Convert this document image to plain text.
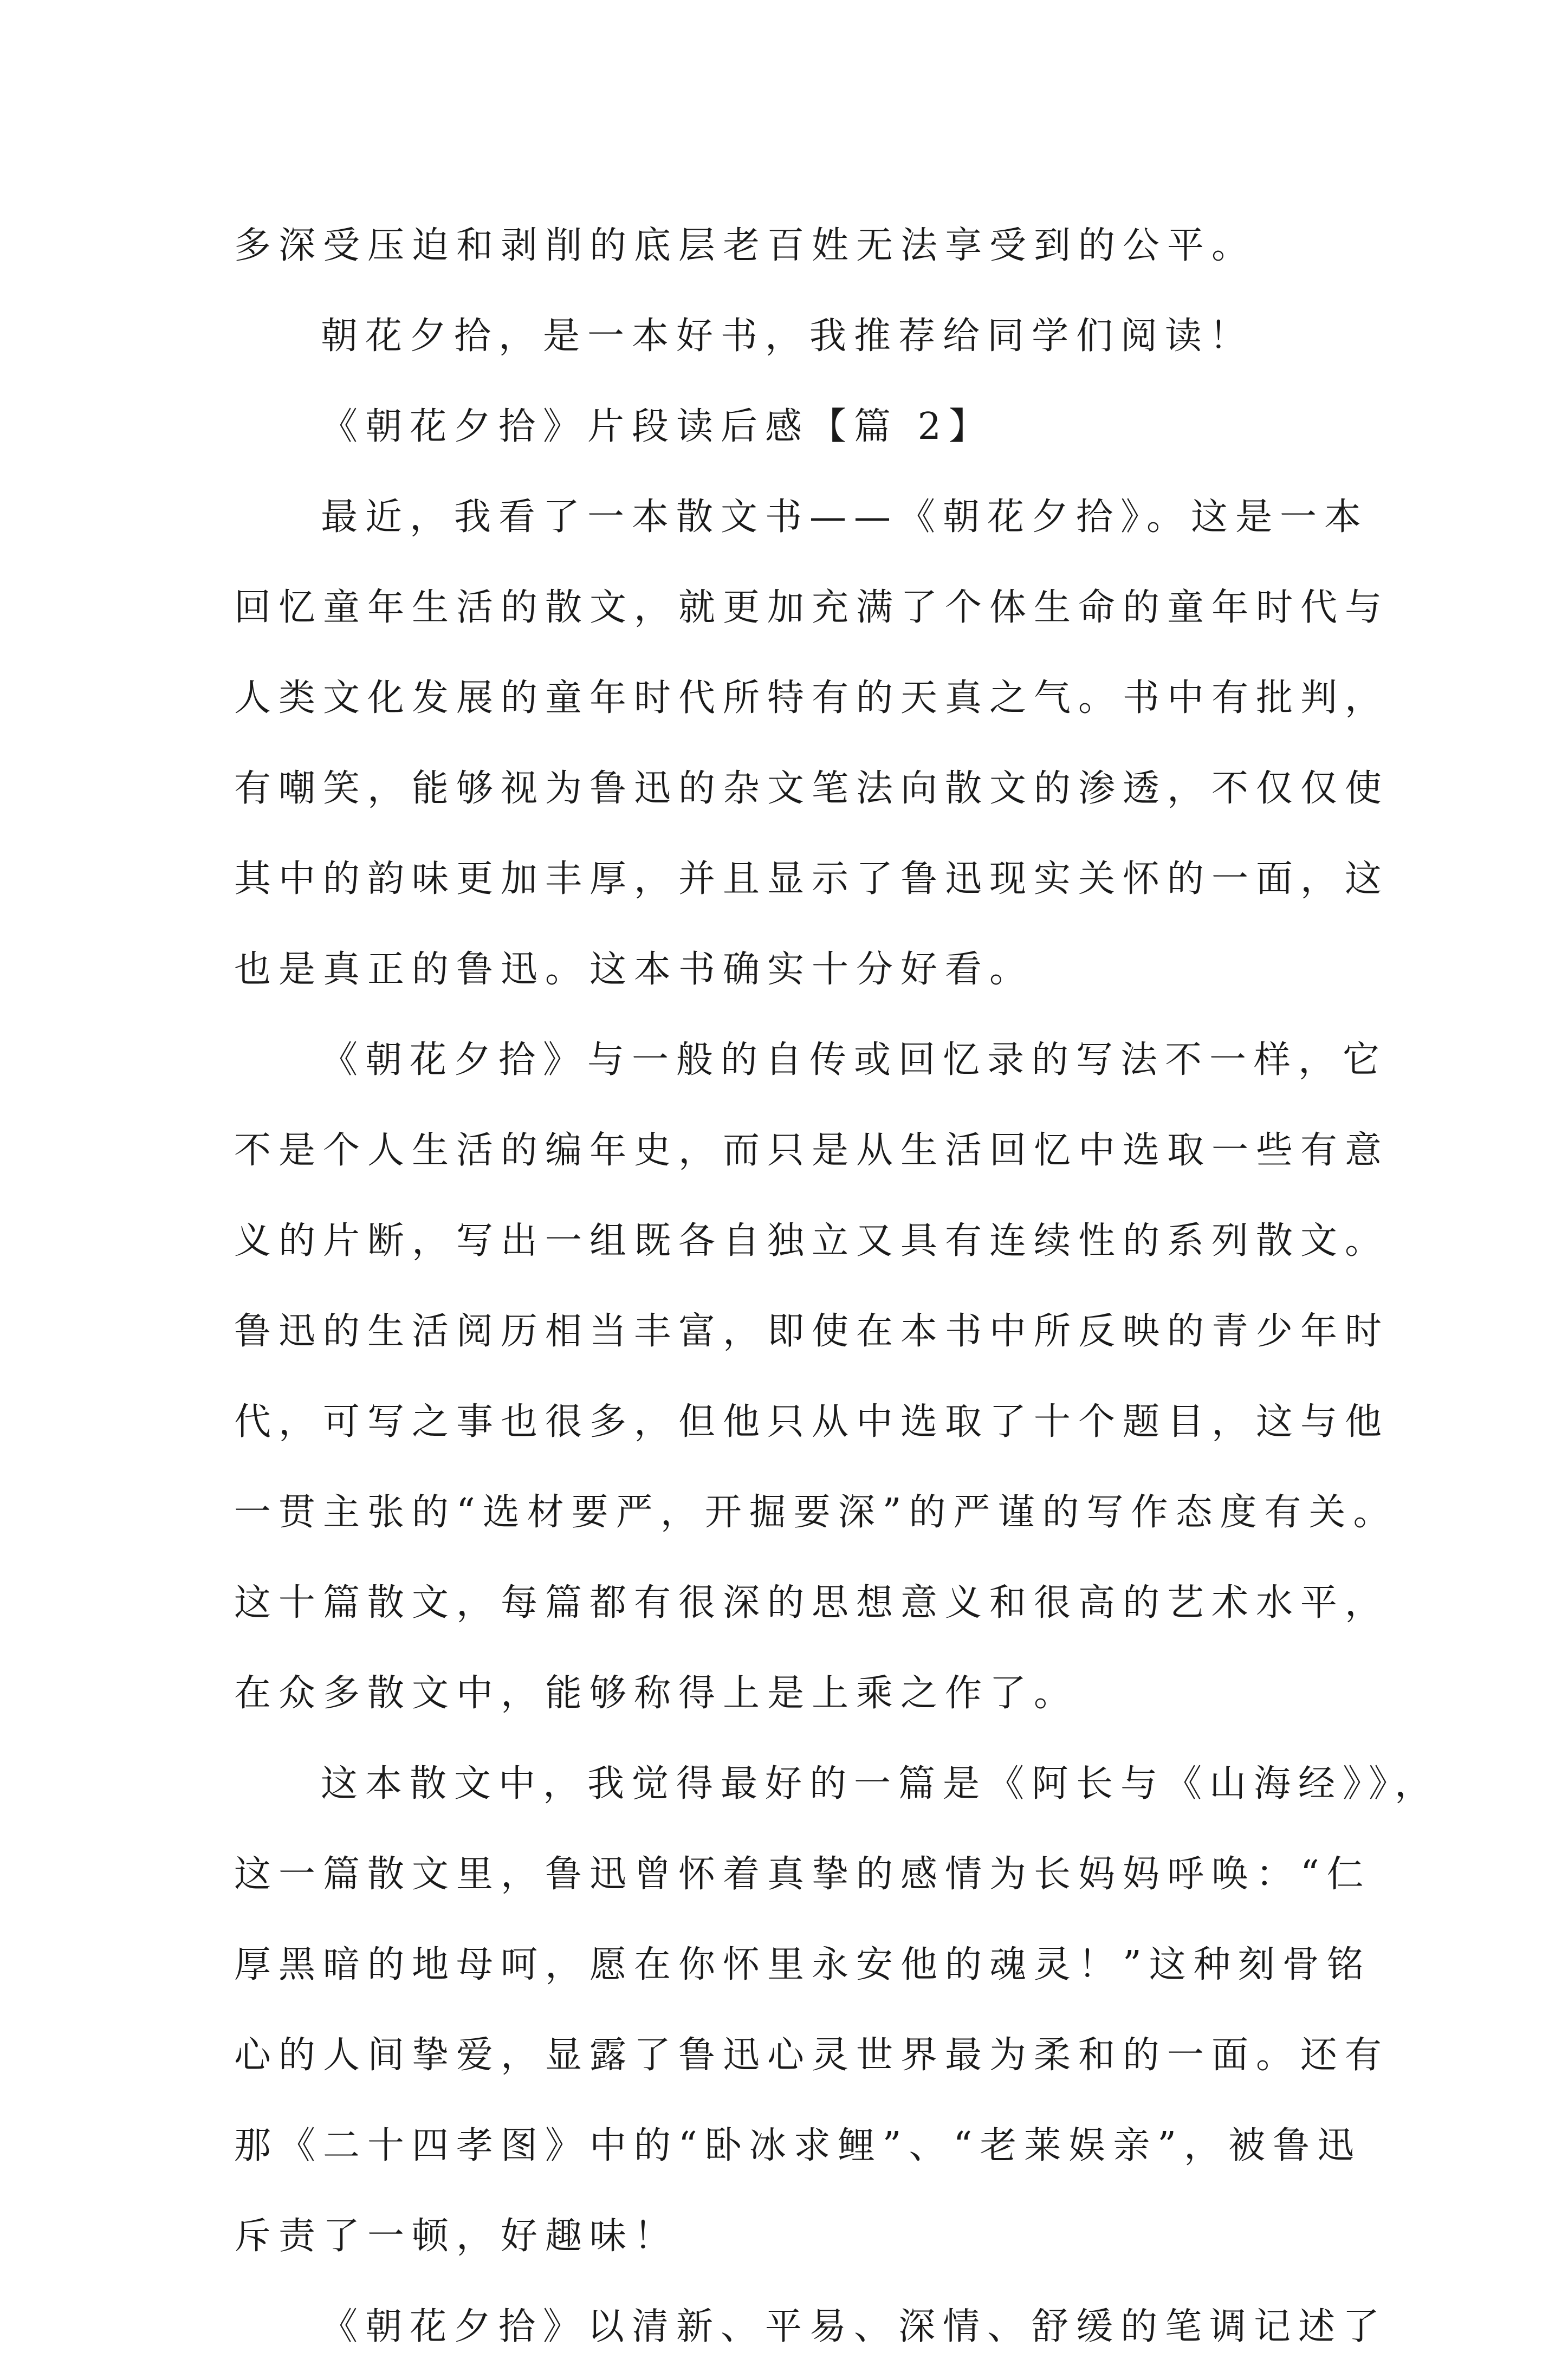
多深受压迫和剥削的底层老百姓无法享受到的公平。
朝花夕拾，是一本好书，我推荐给同学们阅读！
《朝花夕拾》片段读后感【篇 2】
最近，我看了一本散文书——《朝花夕拾》。这是一本
回忆童年生活的散文，就更加充满了个体生命的童年时代与
人类文化发展的童年时代所特有的天真之气。书中有批判，
有嘲笑，能够视为鲁迅的杂文笔法向散文的渗透，不仅仅使
其中的韵味更加丰厚，并且显示了鲁迅现实关怀的一面，这
也是真正的鲁迅。这本书确实十分好看。
《朝花夕拾》与一般的自传或回忆录的写法不一样，它
不是个人生活的编年史，而只是从生活回忆中选取一些有意
义的片断，写出一组既各自独立又具有连续性的系列散文。
鲁迅的生活阅历相当丰富，即使在本书中所反映的青少年时
代，可写之事也很多，但他只从中选取了十个题目，这与他
一贯主张的“选材要严，开掘要深”的严谨的写作态度有关。
这十篇散文，每篇都有很深的思想意义和很高的艺术水平，
在众多散文中，能够称得上是上乘之作了。
这本散文中，我觉得最好的一篇是《阿长与《山海经》》，
这一篇散文里，鲁迅曾怀着真挚的感情为长妈妈呼唤：“仁
厚黑暗的地母呵，愿在你怀里永安他的魂灵！”这种刻骨铭
心的人间挚爱，显露了鲁迅心灵世界最为柔和的一面。还有
那《二十四孝图》中的“卧冰求鲤”、“老莱娱亲”，被鲁迅
斥责了一顿，好趣味！
《朝花夕拾》以清新、平易、深情、舒缓的笔调记述了
